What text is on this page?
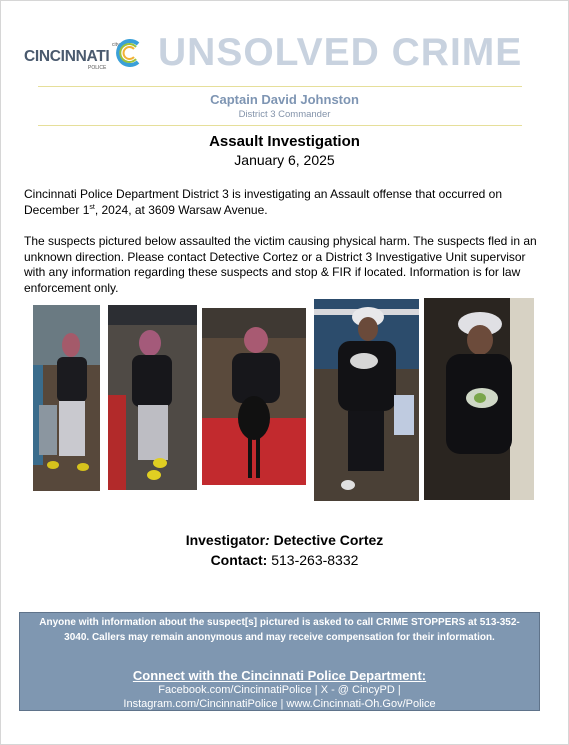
city of
CINCINNATI
POLICE UNSOLVED CRIME
Captain David Johnston
District 3 Commander
Assault Investigation
January 6, 2025
Cincinnati Police Department District 3 is investigating an Assault offense that occurred on December 1st, 2024, at 3609 Warsaw Avenue.
The suspects pictured below assaulted the victim causing physical harm. The suspects fled in an unknown direction. Please contact Detective Cortez or a District 3 Investigative Unit supervisor with any information regarding these suspects and stop & FIR if located. Information is for law enforcement only.
Investigator: Detective Cortez
Contact: 513-263-8332
Anyone with information about the suspect[s] pictured is asked to call CRIME STOPPERS at 513-352-3040. Callers may remain anonymous and may receive compensation for their information.
Connect with the Cincinnati Police Department:
Facebook.com/CincinnatiPolice | X - @ CincyPD |
Instagram.com/CincinnatiPolice | www.Cincinnati-Oh.Gov/Police
